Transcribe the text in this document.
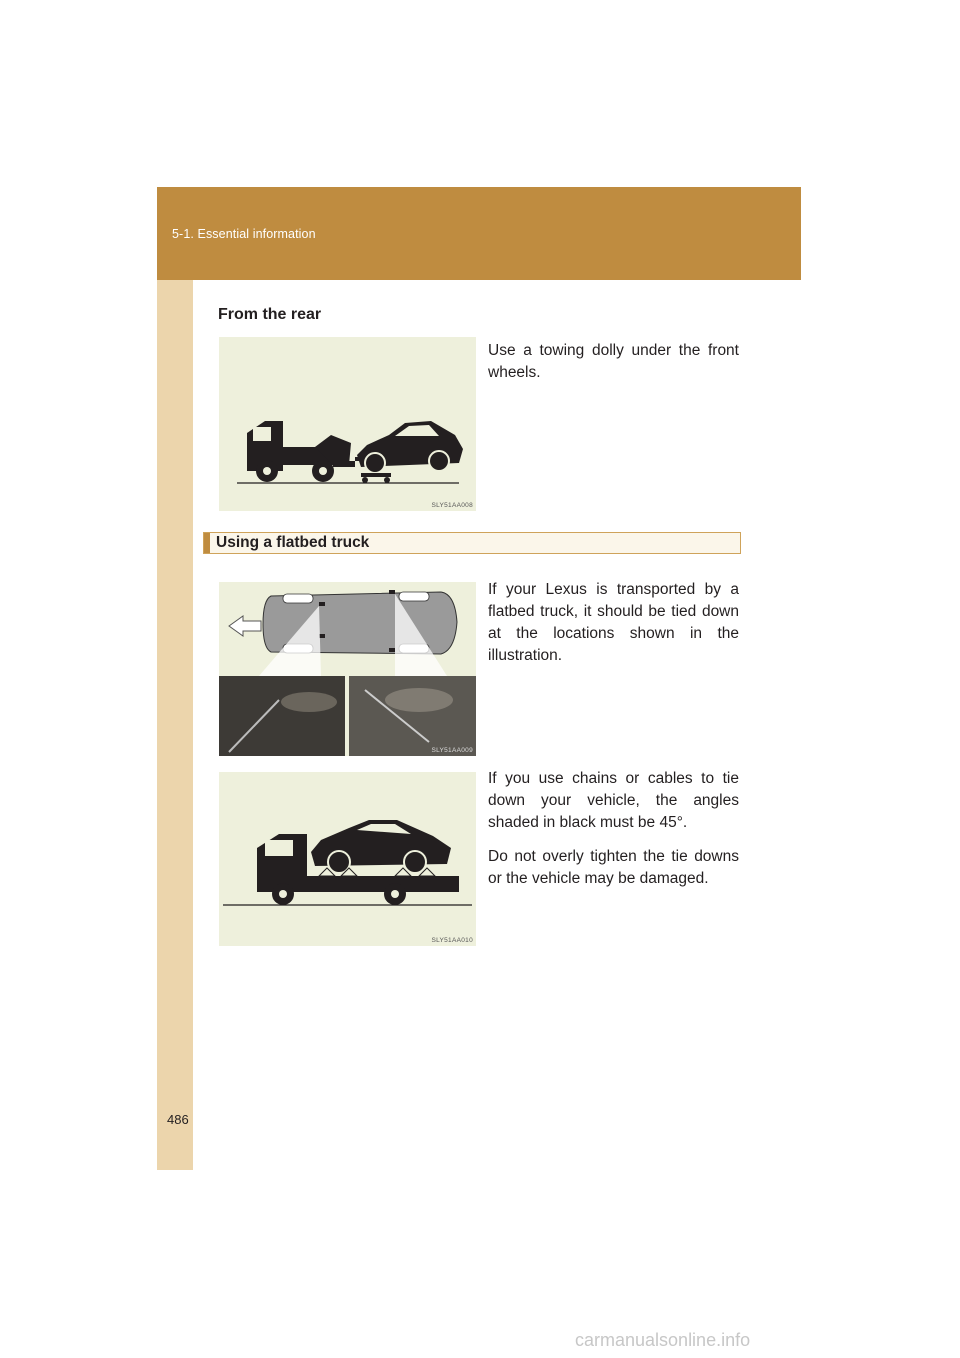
5-1. Essential information
From the rear
SLY51AA008

Use a towing dolly under the front wheels.

Using a flatbed truck
SLY51AA009

If your Lexus is transported by a flatbed truck, it should be tied down at the locations shown in the illustration.

SLY51AA010

If you use chains or cables to tie down your vehicle, the angles shaded in black must be 45°.

Do not overly tighten the tie downs or the vehicle may be damaged.

486
carmanualsonline.info
